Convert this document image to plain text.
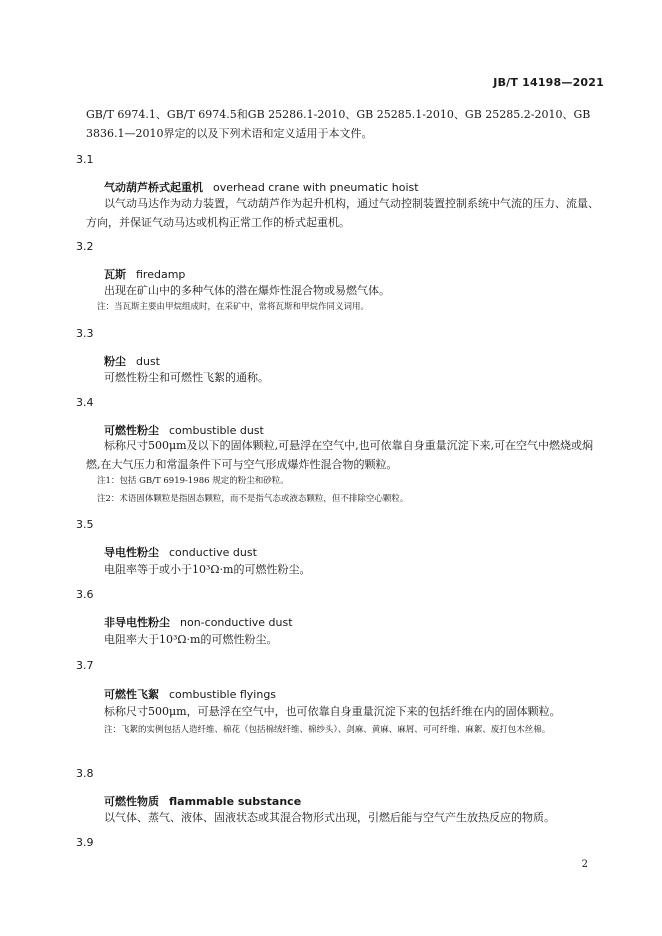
JB/T 14198—2021

GB/T 6974.1、GB/T 6974.5和GB 25286.1-2010、GB 25285.1-2010、GB 25285.2-2010、GB 3836.1—2010界定的以及下列术语和定义适用于本文件。

3.1
气动葫芦桥式起重机 overhead crane with pneumatic hoist

以气动马达作为动力装置，气动葫芦作为起升机构，通过气动控制装置控制系统中气流的压力、流量、方向，并保证气动马达或机构正常工作的桥式起重机。

3.2
瓦斯 firedamp

出现在矿山中的多种气体的潜在爆炸性混合物或易燃气体。

注：当瓦斯主要由甲烷组成时，在采矿中，常将瓦斯和甲烷作同义词用。

3.3
粉尘 dust

可燃性粉尘和可燃性飞絮的通称。

3.4
可燃性粉尘 combustible dust

标称尺寸500μm及以下的固体颗粒,可悬浮在空气中,也可依靠自身重量沉淀下来,可在空气中燃烧或焖燃,在大气压力和常温条件下可与空气形成爆炸性混合物的颗粒。

注1：包括 GB/T 6919-1986 规定的粉尘和砂粒。

注2：术语固体颗粒是指固态颗粒，而不是指气态或液态颗粒，但不排除空心颗粒。

3.5
导电性粉尘 conductive dust

电阻率等于或小于10³Ω·m的可燃性粉尘。

3.6
非导电性粉尘 non-conductive dust

电阻率大于10³Ω·m的可燃性粉尘。

3.7
可燃性飞絮 combustible flyings

标称尺寸500μm，可悬浮在空气中，也可依靠自身重量沉淀下来的包括纤维在内的固体颗粒。

注：飞絮的实例包括人造纤维、棉花（包括棉绒纤维、棉纱头）、剑麻、黄麻、麻屑、可可纤维、麻絮、废打包木丝棉。

3.8
可燃性物质 flammable substance

以气体、蒸气、液体、固液状态或其混合物形式出现，引燃后能与空气产生放热反应的物质。

3.9
2
